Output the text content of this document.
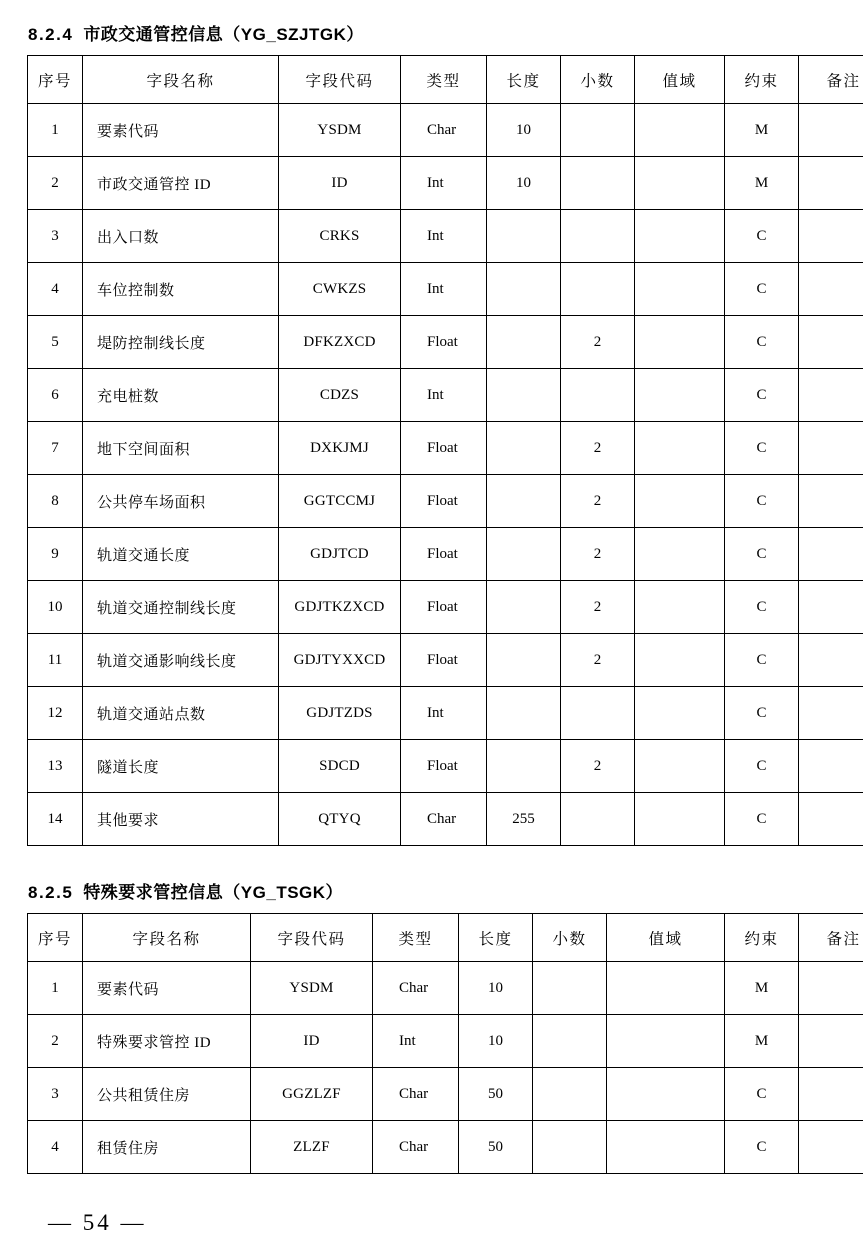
8.2.4 市政交通管控信息（YG_SZJTGK）
序号	字段名称	字段代码	类型	长度	小数	值域	约束	备注
1	要素代码	YSDM	Char	10			M	
2	市政交通管控 ID	ID	Int	10			M	
3	出入口数	CRKS	Int				C	
4	车位控制数	CWKZS	Int				C	
5	堤防控制线长度	DFKZXCD	Float		2		C	
6	充电桩数	CDZS	Int				C	
7	地下空间面积	DXKJMJ	Float		2		C	
8	公共停车场面积	GGTCCMJ	Float		2		C	
9	轨道交通长度	GDJTCD	Float		2		C	
10	轨道交通控制线长度	GDJTKZXCD	Float		2		C	
11	轨道交通影响线长度	GDJTYXXCD	Float		2		C	
12	轨道交通站点数	GDJTZDS	Int				C	
13	隧道长度	SDCD	Float		2		C	
14	其他要求	QTYQ	Char	255			C	
8.2.5 特殊要求管控信息（YG_TSGK）
序号	字段名称	字段代码	类型	长度	小数	值域	约束	备注
1	要素代码	YSDM	Char	10			M	
2	特殊要求管控 ID	ID	Int	10			M	
3	公共租赁住房	GGZLZF	Char	50			C	
4	租赁住房	ZLZF	Char	50			C	
— 54 —
